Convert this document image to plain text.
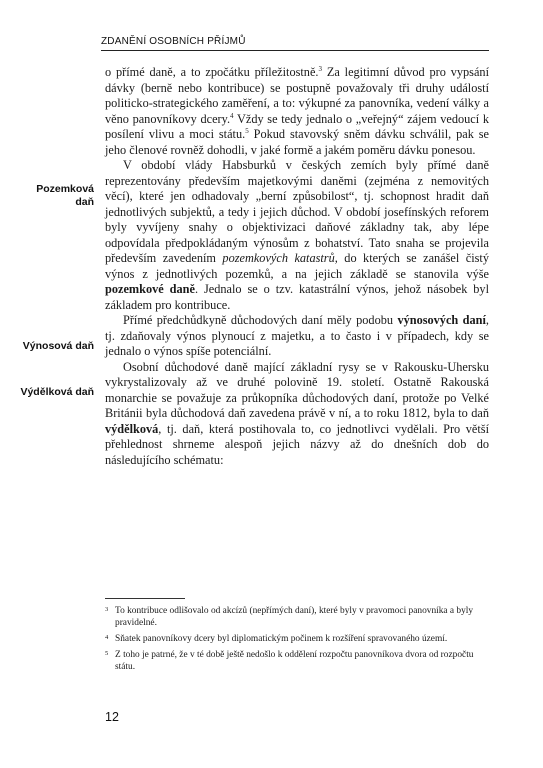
ZDANĚNÍ OSOBNÍCH PŘÍJMŮ
Pozemková
daň
Výnosová daň
Výdělková daň

o přímé daně, a to zpočátku příležitostně.$^3$ Za legitimní důvod pro vypsání dávky (berně nebo kontribuce) se postupně považovaly tři druhy událostí politicko-strategického zaměření, a to: výkupné za panovníka, vedení války a věno panovníkovy dcery.$^4$ Vždy se tedy jednalo o „veřejný“ zájem vedoucí k posílení vlivu a moci státu.$^5$ Pokud stavovský sněm dávku schválil, pak se jeho členové rovněž dohodli, v jaké formě a jakém poměru dávku ponesou.

V období vlády Habsburků v českých zemích byly přímé daně reprezentovány především majetkovými daněmi (zejména z nemovitých věcí), které jen odhadovaly „berní způsobilost“, tj. schopnost hradit daň jednotlivých subjektů, a tedy i jejich důchod. V období josefínských reforem byly vyvíjeny snahy o objektivizaci daňové základny tak, aby lépe odpovídala předpokládaným výnosům z bohatství. Tato snaha se projevila především zavedením pozemkových katastrů, do kterých se zanášel čistý výnos z jednotlivých pozemků, a na jejich základě se stanovila výše pozemkové daně. Jednalo se o tzv. katastrální výnos, jehož násobek byl základem pro kontribuce.

Přímé předchůdkyně důchodových daní měly podobu výnosových daní, tj. zdaňovaly výnos plynoucí z majetku, a to často i v případech, kdy se jednalo o výnos spíše potenciální.

Osobní důchodové daně mající základní rysy se v Rakousku-Uhersku vykrystalizovaly až ve druhé polovině 19. století. Ostatně Rakouská monarchie se považuje za průkopníka důchodových daní, protože po Velké Británii byla důchodová daň zavedena právě v ní, a to roku 1812, byla to daň výdělková, tj. daň, která postihovala to, co jednotlivci vydělali. Pro větší přehlednost shrneme alespoň jejich názvy až do dnešních dob do následujícího schématu:

3 To kontribuce odlišovalo od akcízů (nepřímých daní), které byly v pravomoci panovníka a byly pravidelné.
4 Sňatek panovníkovy dcery byl diplomatickým počinem k rozšíření spravovaného území.
5 Z toho je patrné, že v té době ještě nedošlo k oddělení rozpočtu panovníkova dvora od rozpočtu státu.
12
